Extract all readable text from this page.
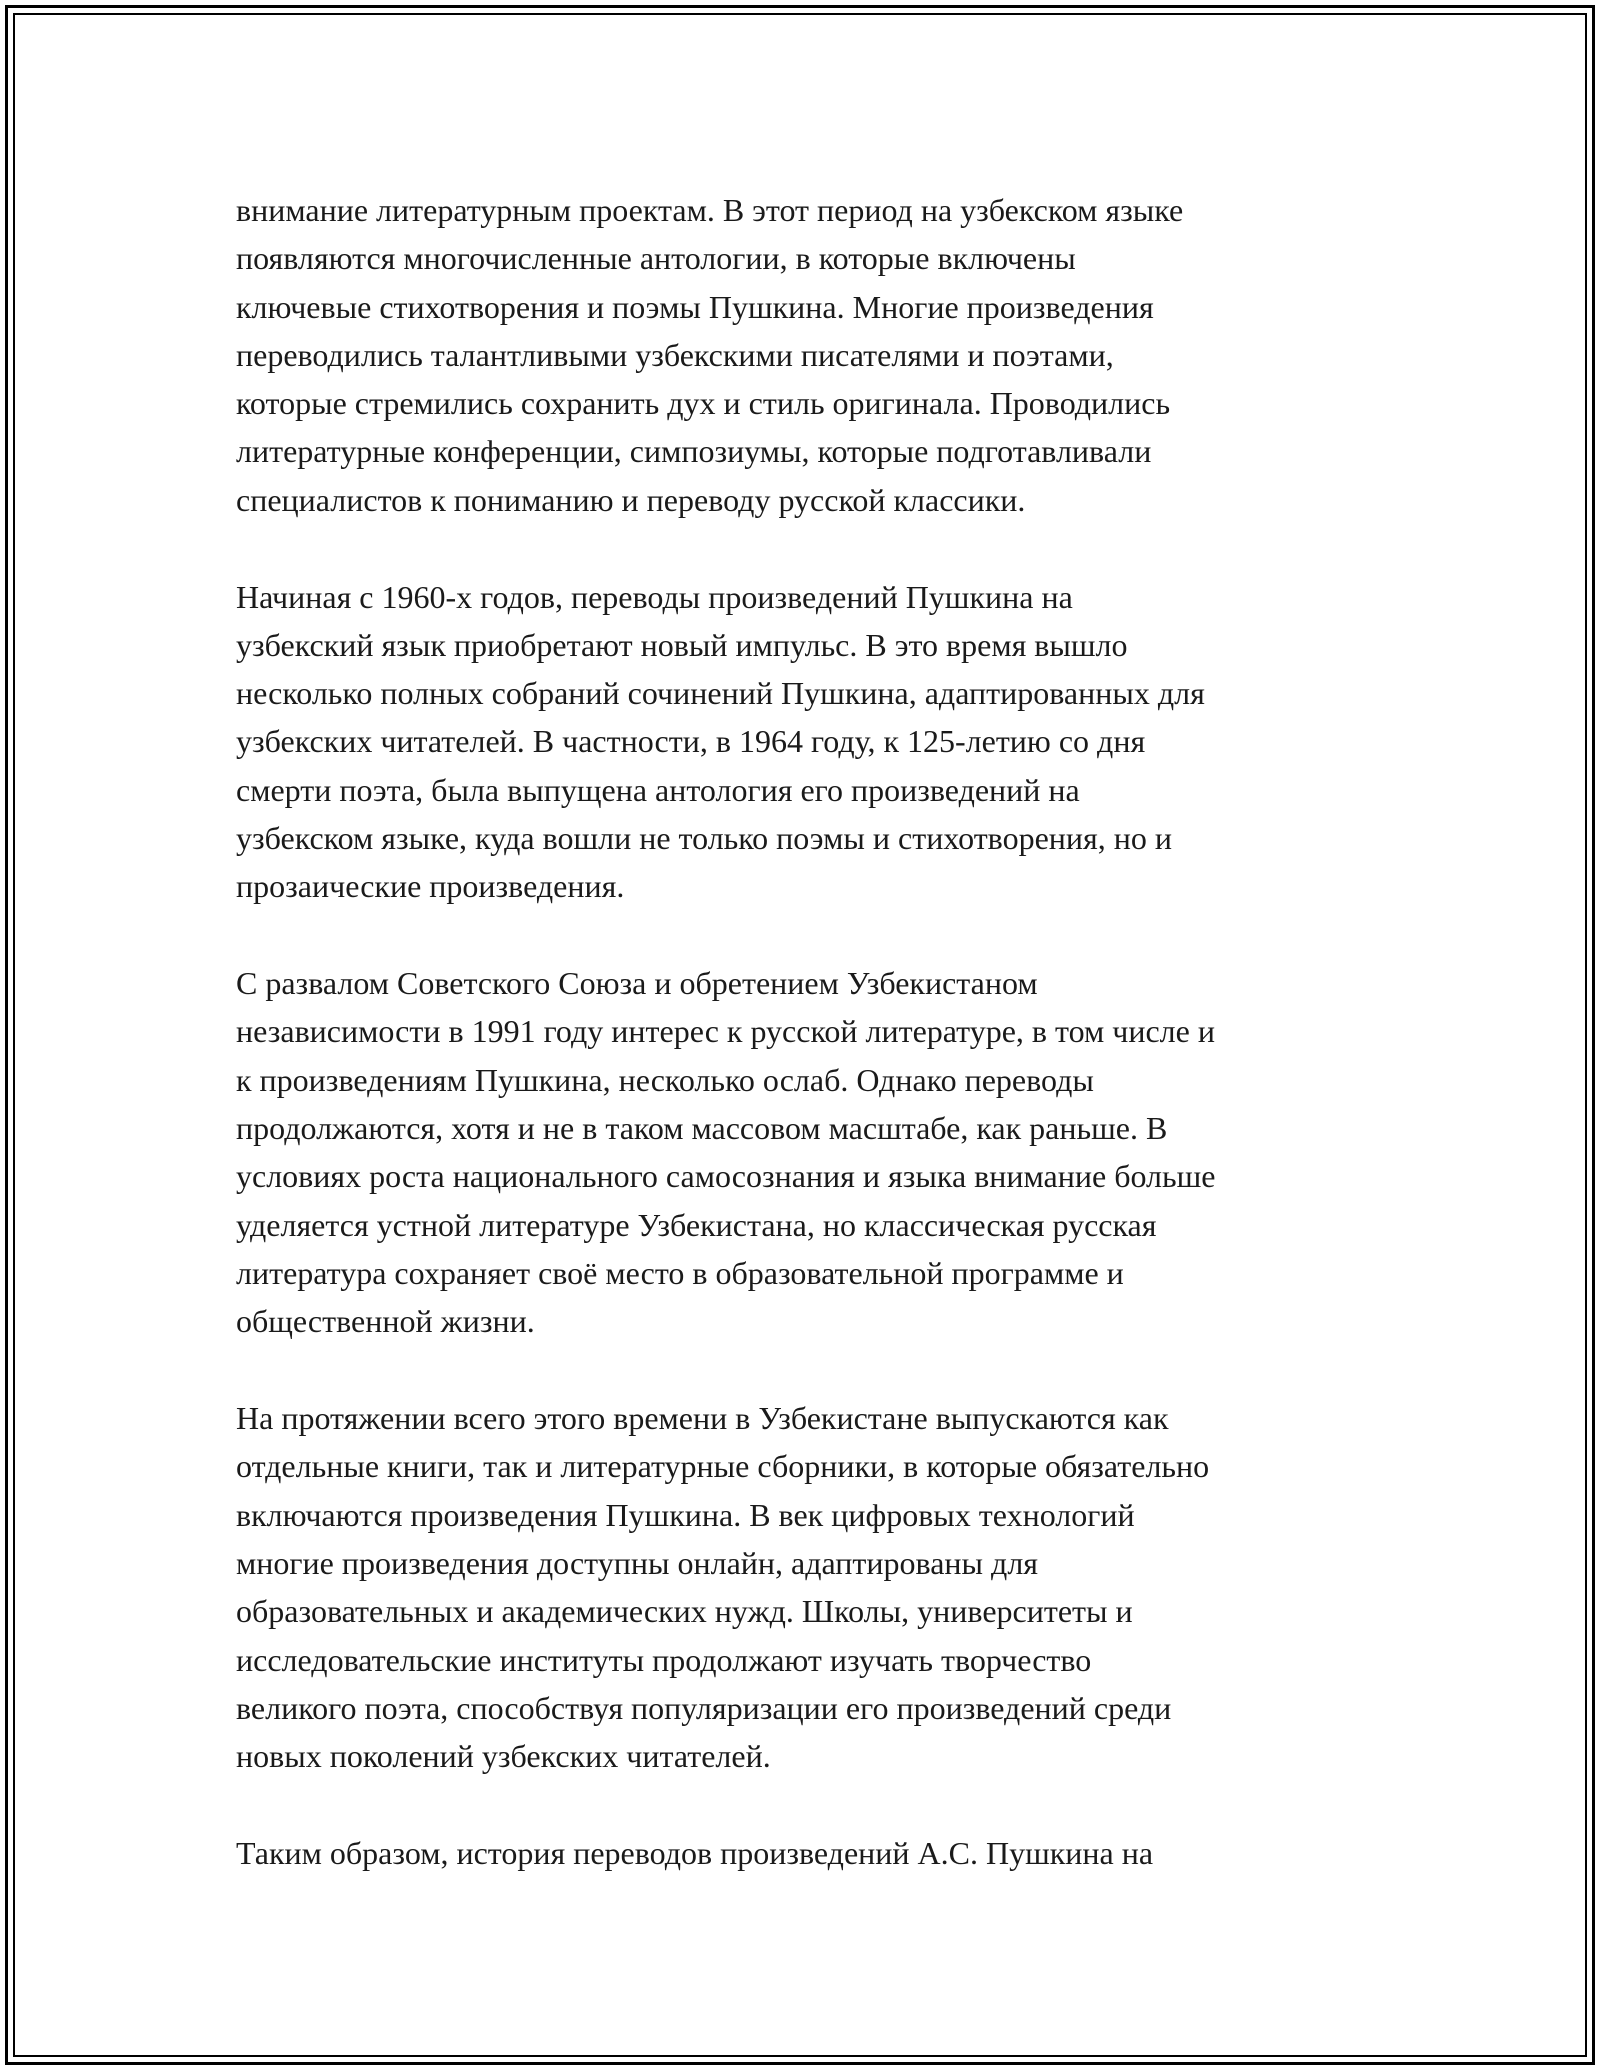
внимание литературным проектам. В этот период на узбекском языке
появляются многочисленные антологии, в которые включены
ключевые стихотворения и поэмы Пушкина. Многие произведения
переводились талантливыми узбекскими писателями и поэтами,
которые стремились сохранить дух и стиль оригинала. Проводились
литературные конференции, симпозиумы, которые подготавливали
специалистов к пониманию и переводу русской классики.

Начиная с 1960-х годов, переводы произведений Пушкина на
узбекский язык приобретают новый импульс. В это время вышло
несколько полных собраний сочинений Пушкина, адаптированных для
узбекских читателей. В частности, в 1964 году, к 125-летию со дня
смерти поэта, была выпущена антология его произведений на
узбекском языке, куда вошли не только поэмы и стихотворения, но и
прозаические произведения.

С развалом Советского Союза и обретением Узбекистаном
независимости в 1991 году интерес к русской литературе, в том числе и
к произведениям Пушкина, несколько ослаб. Однако переводы
продолжаются, хотя и не в таком массовом масштабе, как раньше. В
условиях роста национального самосознания и языка внимание больше
уделяется устной литературе Узбекистана, но классическая русская
литература сохраняет своё место в образовательной программе и
общественной жизни.

На протяжении всего этого времени в Узбекистане выпускаются как
отдельные книги, так и литературные сборники, в которые обязательно
включаются произведения Пушкина. В век цифровых технологий
многие произведения доступны онлайн, адаптированы для
образовательных и академических нужд. Школы, университеты и
исследовательские институты продолжают изучать творчество
великого поэта, способствуя популяризации его произведений среди
новых поколений узбекских читателей.

Таким образом, история переводов произведений А.С. Пушкина на
